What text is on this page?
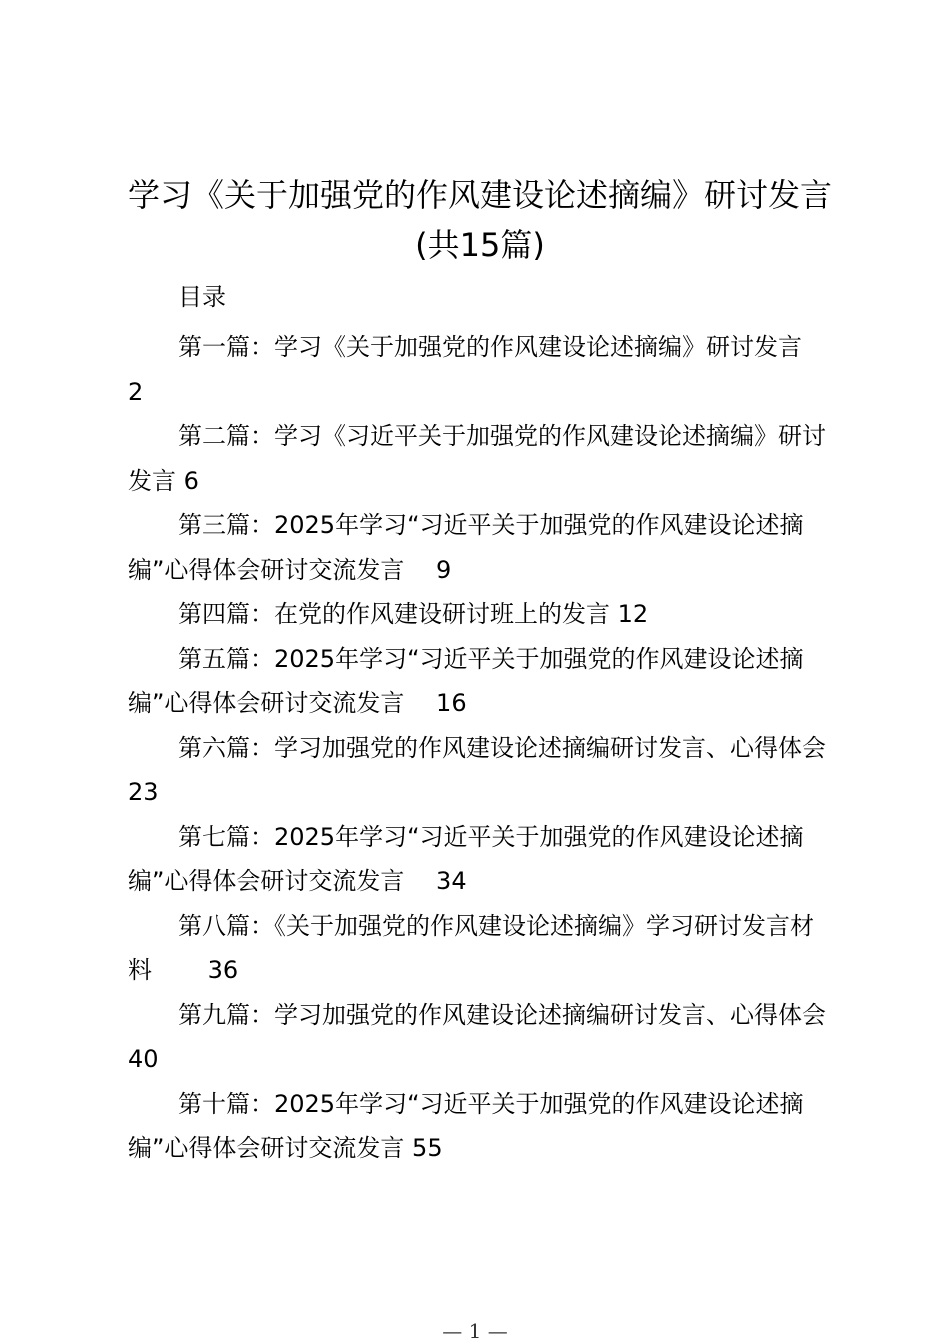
学习《关于加强党的作风建设论述摘编》研讨发言(共15篇)
目录
第一篇：学习《关于加强党的作风建设论述摘编》研讨发言　 2
第二篇：学习《习近平关于加强党的作风建设论述摘编》研讨发言 6
第三篇：2025年学习“习近平关于加强党的作风建设论述摘编”心得体会研讨交流发言　 9
第四篇：在党的作风建设研讨班上的发言 12
第五篇：2025年学习“习近平关于加强党的作风建设论述摘编”心得体会研讨交流发言　 16
第六篇：学习加强党的作风建设论述摘编研讨发言、心得体会 23
第七篇：2025年学习“习近平关于加强党的作风建设论述摘编”心得体会研讨交流发言　 34
第八篇：《关于加强党的作风建设论述摘编》学习研讨发言材料　　 36
第九篇：学习加强党的作风建设论述摘编研讨发言、心得体会 40
第十篇：2025年学习“习近平关于加强党的作风建设论述摘编”心得体会研讨交流发言 55
— 1 —
